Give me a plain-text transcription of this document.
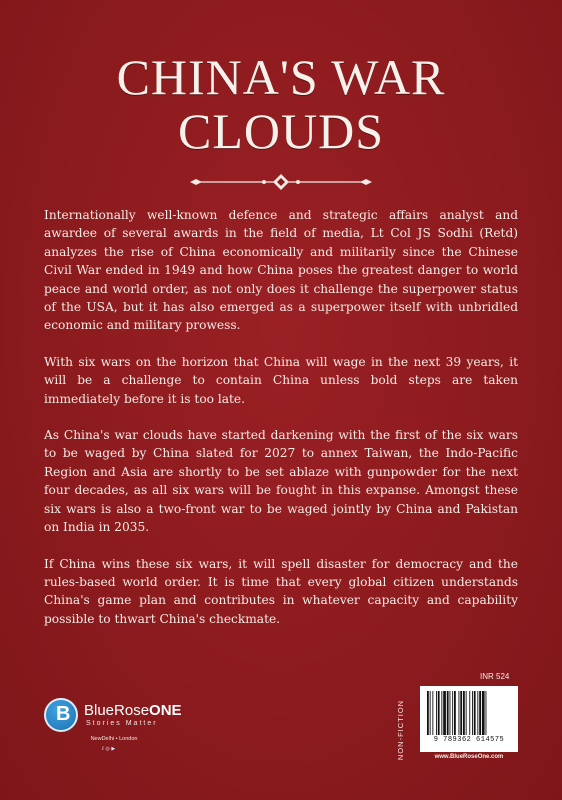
CHINA'S WAR
CLOUDS

Internationally well-known defence and strategic affairs analyst and awardee of several awards in the field of media, Lt Col JS Sodhi (Retd) analyzes the rise of China economically and militarily since the Chinese Civil War ended in 1949 and how China poses the greatest danger to world peace and world order, as not only does it challenge the superpower status of the USA, but it has also emerged as a superpower itself with unbridled economic and military prowess.

With six wars on the horizon that China will wage in the next 39 years, it will be a challenge to contain China unless bold steps are taken immediately before it is too late.

As China's war clouds have started darkening with the first of the six wars to be waged by China slated for 2027 to annex Taiwan, the Indo-Pacific Region and Asia are shortly to be set ablaze with gunpowder for the next four decades, as all six wars will be fought in this expanse. Amongst these six wars is also a two-front war to be waged jointly by China and Pakistan on India in 2035.

If China wins these six wars, it will spell disaster for democracy and the rules-based world order. It is time that every global citizen understands China's game plan and contributes in whatever capacity and capability possible to thwart China's checkmate.

B BlueRoseONE
Stories Matter
NewDelhi • London
f ◎ ▶
INR 524
NON-FICTION	9 789362 614575
www.BlueRoseOne.com
